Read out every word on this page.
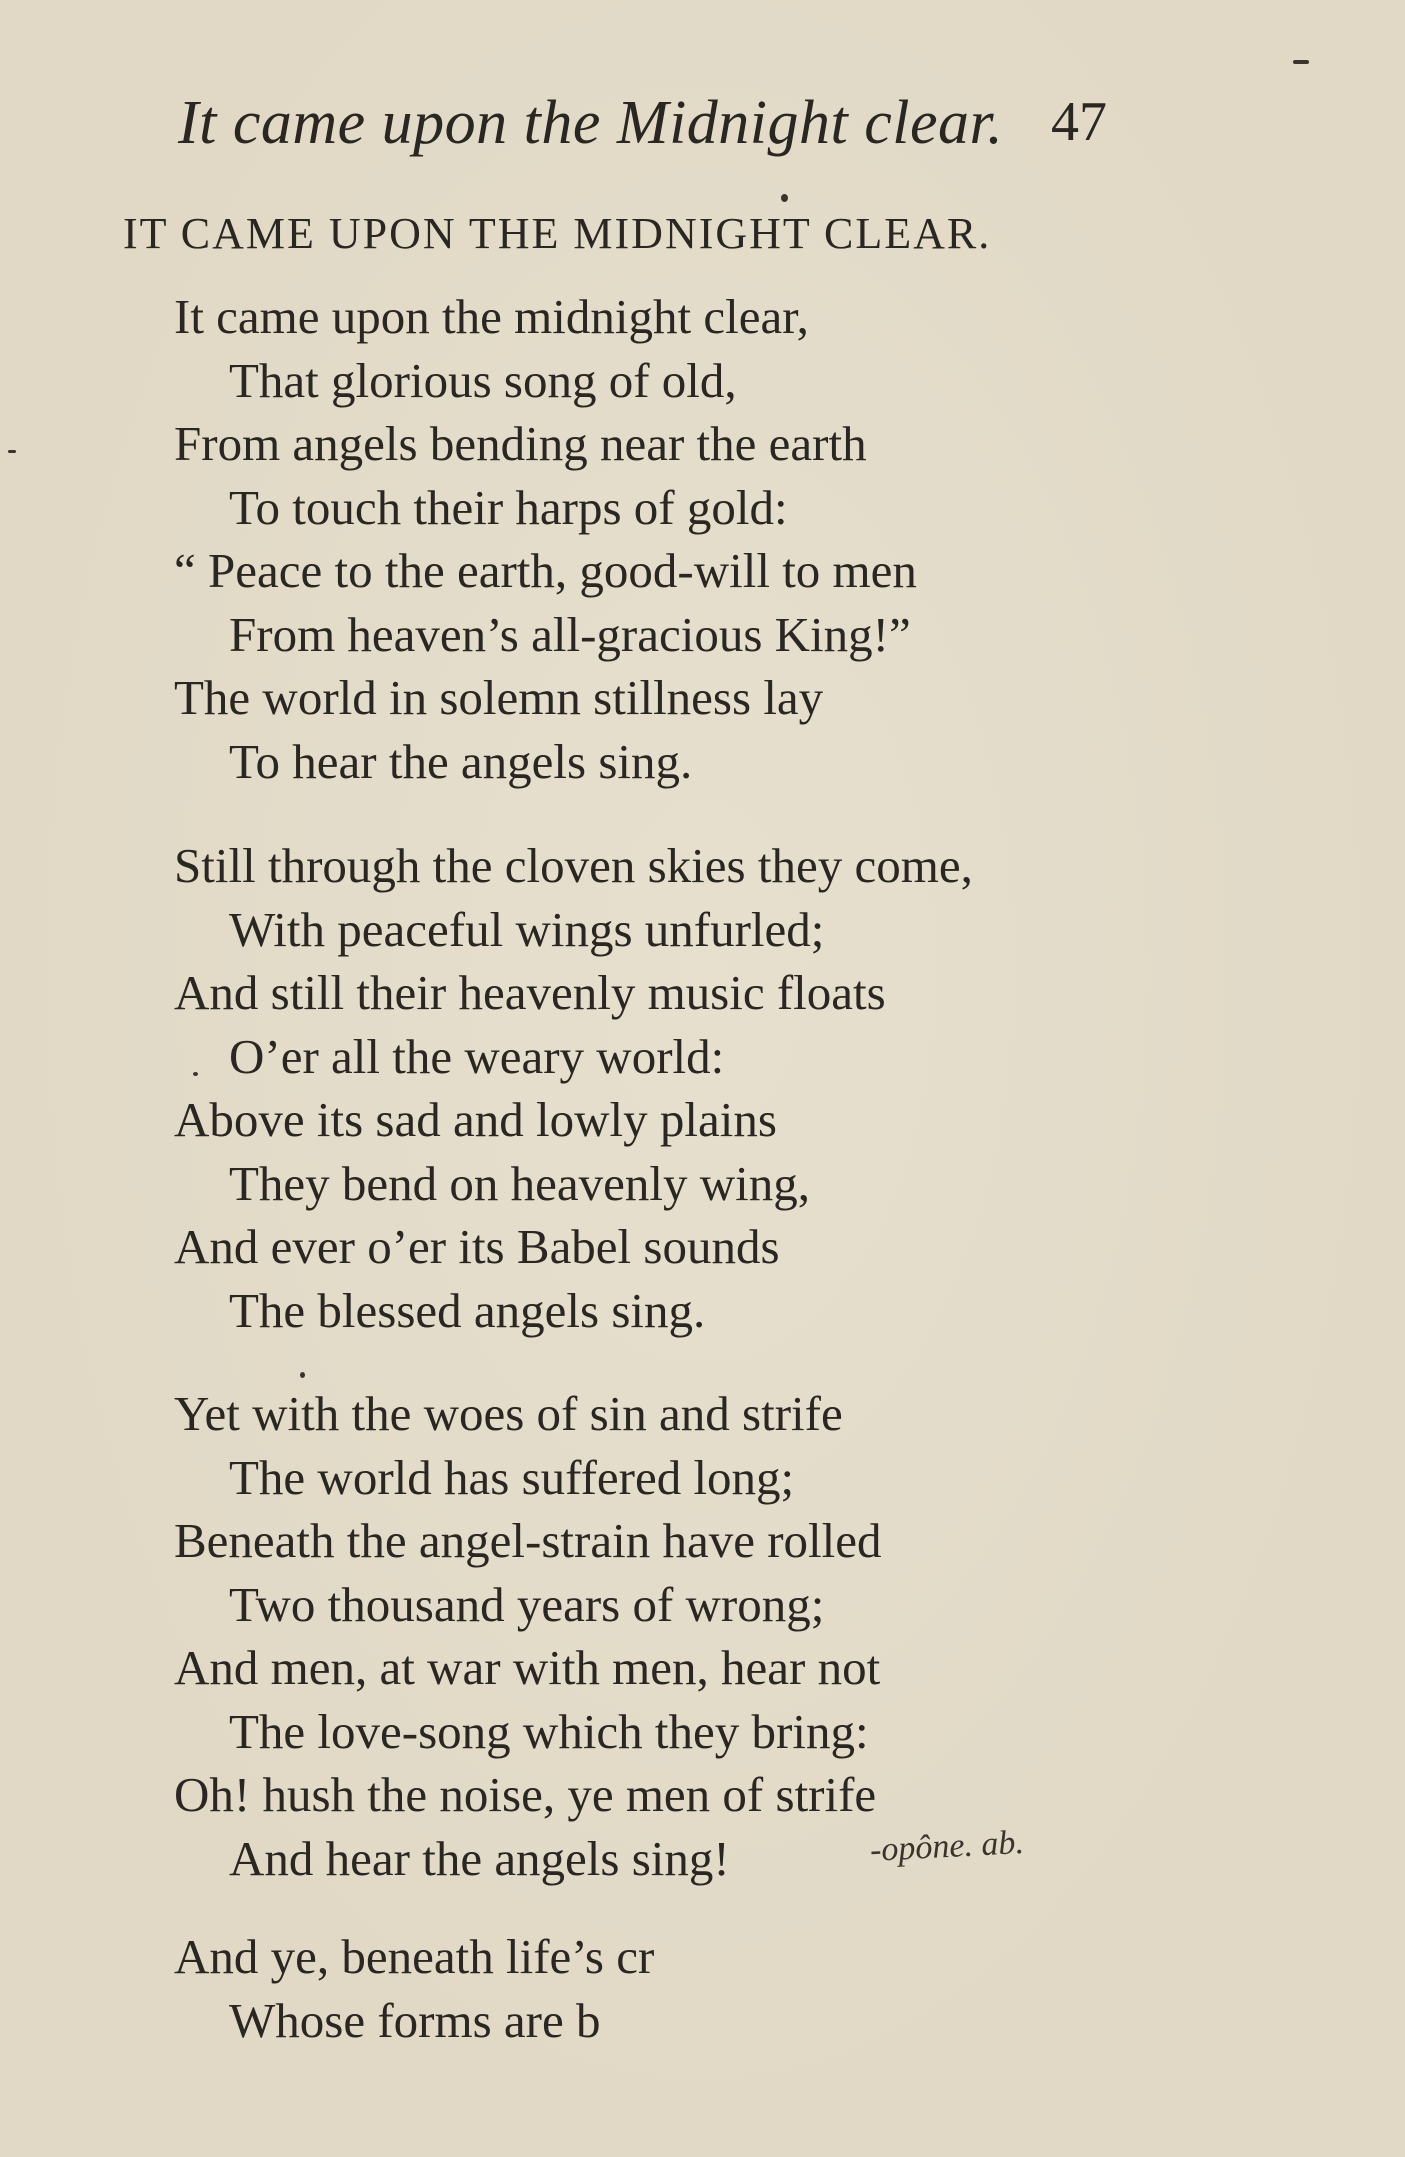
It came upon the Midnight clear. 47
IT CAME UPON THE MIDNIGHT CLEAR.
It came upon the midnight clear,
That glorious song of old,
From angels bending near the earth
To touch their harps of gold:
“ Peace to the earth, good-will to men
From heaven’s all-gracious King!”
The world in solemn stillness lay
To hear the angels sing.
Still through the cloven skies they come,
With peaceful wings unfurled;
And still their heavenly music floats
O’er all the weary world:
Above its sad and lowly plains
They bend on heavenly wing,
And ever o’er its Babel sounds
The blessed angels sing.
Yet with the woes of sin and strife
The world has suffered long;
Beneath the angel-strain have rolled
Two thousand years of wrong;
And men, at war with men, hear not
The love-song which they bring:
Oh! hush the noise, ye men of strife
And hear the angels sing!
And ye, beneath life’s cr
Whose forms are b
-opône. ab.
